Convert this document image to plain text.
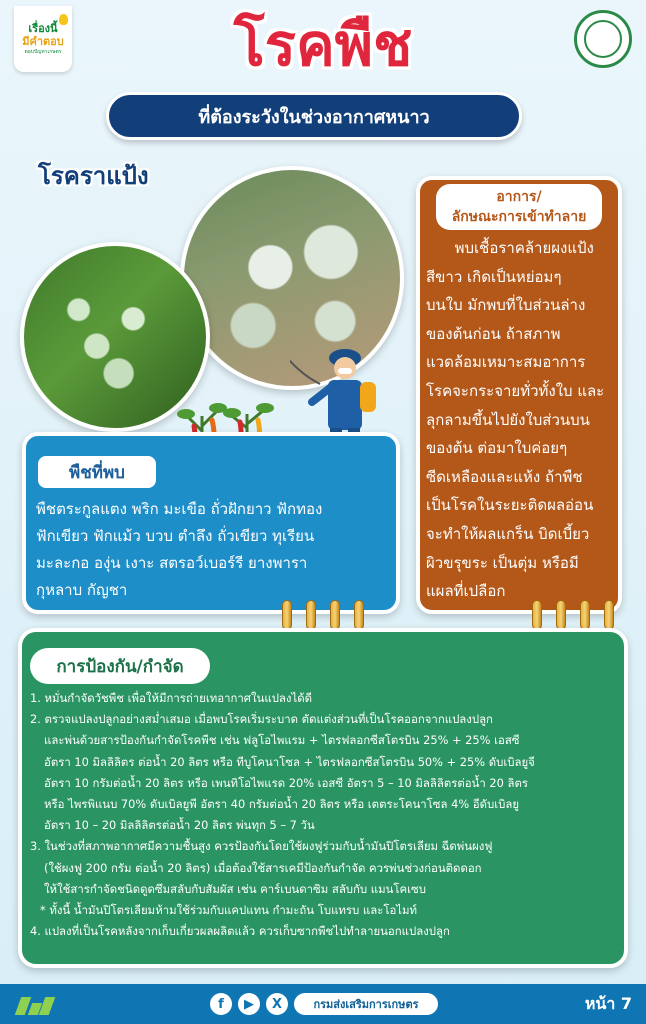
เรื่องนี้
มีคำตอบ
ตอบปัญหาเกษตร	โรคพืช
ที่ต้องระวังในช่วงอากาศหนาว
โรคราแป้ง
อาการ/
ลักษณะการเข้าทำลาย
พบเชื้อราคล้ายผงแป้ง
สีขาว เกิดเป็นหย่อมๆ
บนใบ มักพบที่ใบส่วนล่าง
ของต้นก่อน ถ้าสภาพ
แวดล้อมเหมาะสมอาการ
โรคจะกระจายทั่วทั้งใบ และ
ลุกลามขึ้นไปยังใบส่วนบน
ของต้น ต่อมาใบค่อยๆ
ซีดเหลืองและแห้ง ถ้าพืช
เป็นโรคในระยะติดผลอ่อน
จะทำให้ผลแกร็น บิดเบี้ยว
ผิวขรุขระ เป็นตุ่ม หรือมี
แผลที่เปลือก
พืชที่พบ
พืชตระกูลแตง พริก มะเขือ ถั่วฝักยาว ฟักทอง
ฟักเขียว ฟักแม้ว บวบ ตำลึง ถั่วเขียว ทุเรียน
มะละกอ องุ่น เงาะ สตรอว์เบอร์รี ยางพารา
กุหลาบ กัญชา
การป้องกัน/กำจัด
1. หมั่นกำจัดวัชพืช เพื่อให้มีการถ่ายเทอากาศในแปลงได้ดี
2. ตรวจแปลงปลูกอย่างสม่ำเสมอ เมื่อพบโรคเริ่มระบาด ตัดแต่งส่วนที่เป็นโรคออกจากแปลงปลูก
และพ่นด้วยสารป้องกันกำจัดโรคพืช เช่น ฟลูโอไพแรม + ไตรฟลอกซีสโตรบิน 25% + 25% เอสซี
อัตรา 10 มิลลิลิตร ต่อน้ำ 20 ลิตร หรือ ทีบูโคนาโซล + ไตรฟลอกซีสโตรบิน 50% + 25% ดับเบิลยูจี
อัตรา 10 กรัมต่อน้ำ 20 ลิตร หรือ เพนทิโอไพแรด 20% เอสซี อัตรา 5 – 10 มิลลิลิตรต่อน้ำ 20 ลิตร
หรือ ไพรพิแนบ 70% ดับเบิลยูพี อัตรา 40 กรัมต่อน้ำ 20 ลิตร หรือ เตตระโคนาโซล 4% อีดับเบิลยู
อัตรา 10 – 20 มิลลิลิตรต่อน้ำ 20 ลิตร พ่นทุก 5 – 7 วัน
3. ในช่วงที่สภาพอากาศมีความชื้นสูง ควรป้องกันโดยใช้ผงฟูร่วมกับน้ำมันปิโตรเลียม ฉีดพ่นผงฟู
(ใช้ผงฟู 200 กรัม ต่อน้ำ 20 ลิตร) เมื่อต้องใช้สารเคมีป้องกันกำจัด ควรพ่นช่วงก่อนติดดอก
ให้ใช้สารกำจัดชนิดดูดซึมสลับกับสัมผัส เช่น คาร์เบนดาซิม สลับกับ แมนโคเซบ
* ทั้งนี้ น้ำมันปิโตรเลียมห้ามใช้ร่วมกับแคปแทน กำมะถัน โบแทรบ และโอไมท์
4. แปลงที่เป็นโรคหลังจากเก็บเกี่ยวผลผลิตแล้ว ควรเก็บซากพืชไปทำลายนอกแปลงปลูก
f	▶	X	กรมส่งเสริมการเกษตร	หน้า 7
